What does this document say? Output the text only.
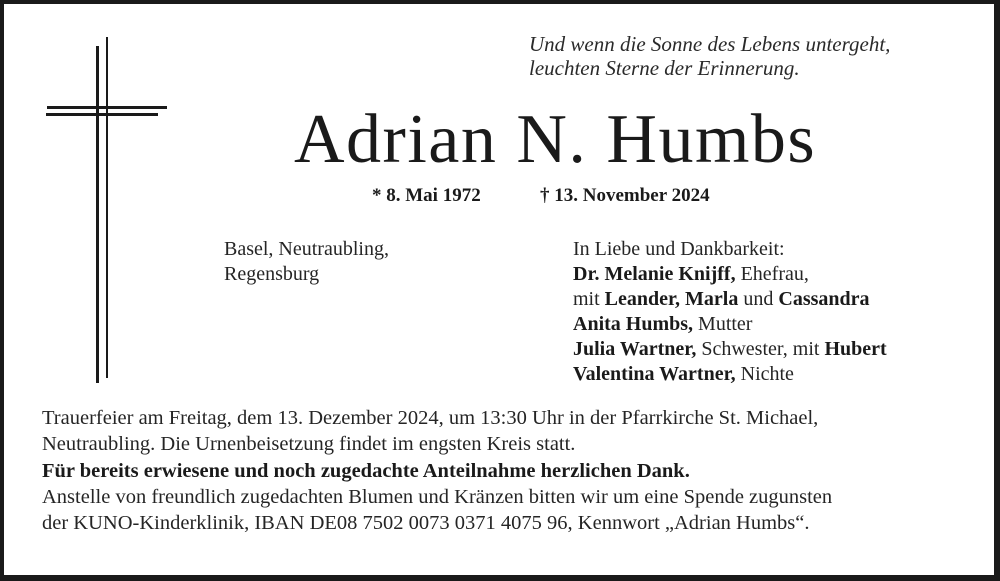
Und wenn die Sonne des Lebens untergeht,
leuchten Sterne der Erinnerung.
Adrian N. Humbs
* 8. Mai 1972	† 13. November 2024
Basel, Neutraubling,
Regensburg
In Liebe und Dankbarkeit:
Dr. Melanie Knijff, Ehefrau,
mit Leander, Marla und Cassandra
Anita Humbs, Mutter
Julia Wartner, Schwester, mit Hubert
Valentina Wartner, Nichte
Trauerfeier am Freitag, dem 13. Dezember 2024, um 13:30 Uhr in der Pfarrkirche St. Michael,
Neutraubling. Die Urnenbeisetzung findet im engsten Kreis statt.
Für bereits erwiesene und noch zugedachte Anteilnahme herzlichen Dank.
Anstelle von freundlich zugedachten Blumen und Kränzen bitten wir um eine Spende zugunsten
der KUNO-Kinderklinik, IBAN DE08 7502 0073 0371 4075 96, Kennwort „Adrian Humbs“.
